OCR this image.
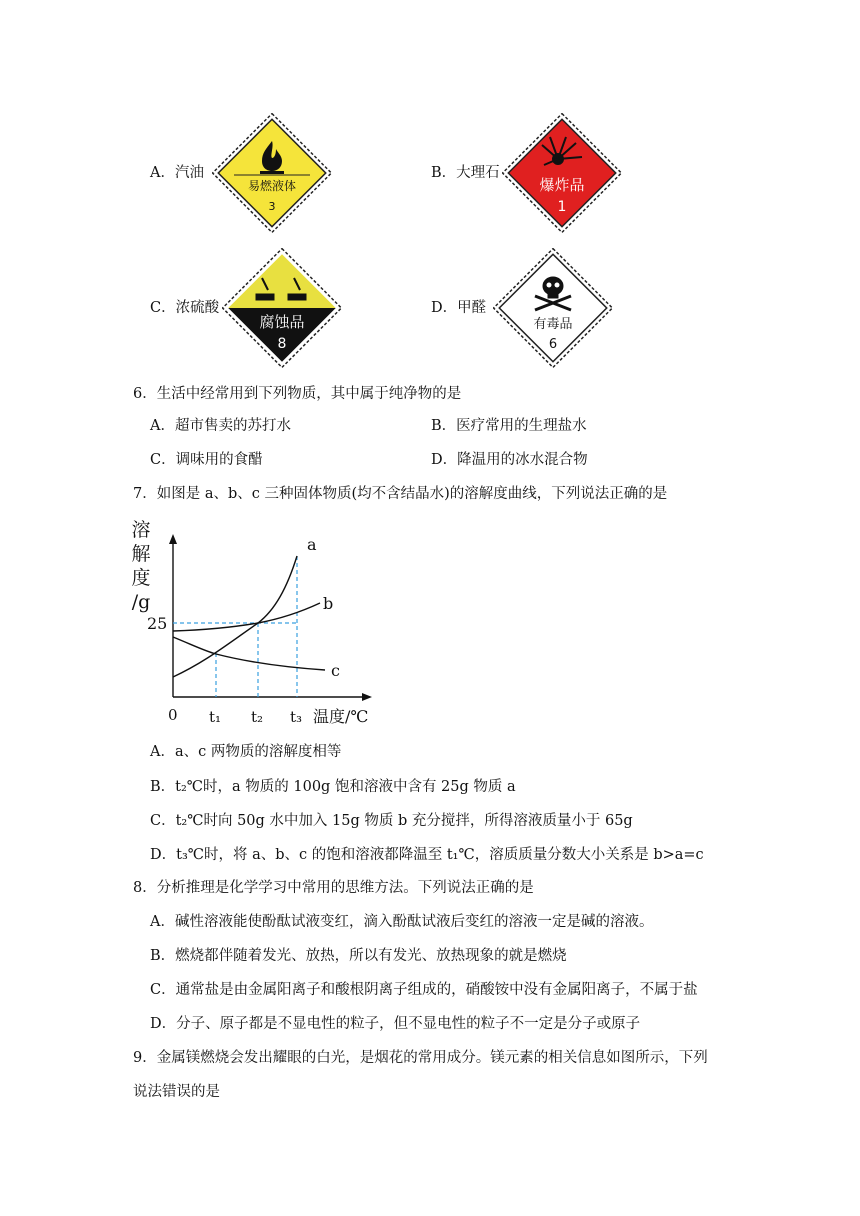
A．汽油
易燃液体
3
B．大理石
爆炸品
1
C．浓硫酸
腐蚀品
8
D．甲醛
有毒品
6
6．生活中经常用到下列物质，其中属于纯净物的是
A．超市售卖的苏打水	B．医疗常用的生理盐水
C．调味用的食醋	D．降温用的冰水混合物
7．如图是 a、b、c 三种固体物质(均不含结晶水)的溶解度曲线，下列说法正确的是
溶
解
度
/g
a
b
c
25
0 t₁ t₂ t₃ 温度/℃
A．a、c 两物质的溶解度相等
B．t₂℃时，a 物质的 100g 饱和溶液中含有 25g 物质 a
C．t₂℃时向 50g 水中加入 15g 物质 b 充分搅拌，所得溶液质量小于 65g
D．t₃℃时，将 a、b、c 的饱和溶液都降温至 t₁℃，溶质质量分数大小关系是 b>a=c
8．分析推理是化学学习中常用的思维方法。下列说法正确的是
A．碱性溶液能使酚酞试液变红，滴入酚酞试液后变红的溶液一定是碱的溶液。
B．燃烧都伴随着发光、放热，所以有发光、放热现象的就是燃烧
C．通常盐是由金属阳离子和酸根阴离子组成的，硝酸铵中没有金属阳离子，不属于盐
D．分子、原子都是不显电性的粒子，但不显电性的粒子不一定是分子或原子
9．金属镁燃烧会发出耀眼的白光，是烟花的常用成分。镁元素的相关信息如图所示，下列
说法错误的是
